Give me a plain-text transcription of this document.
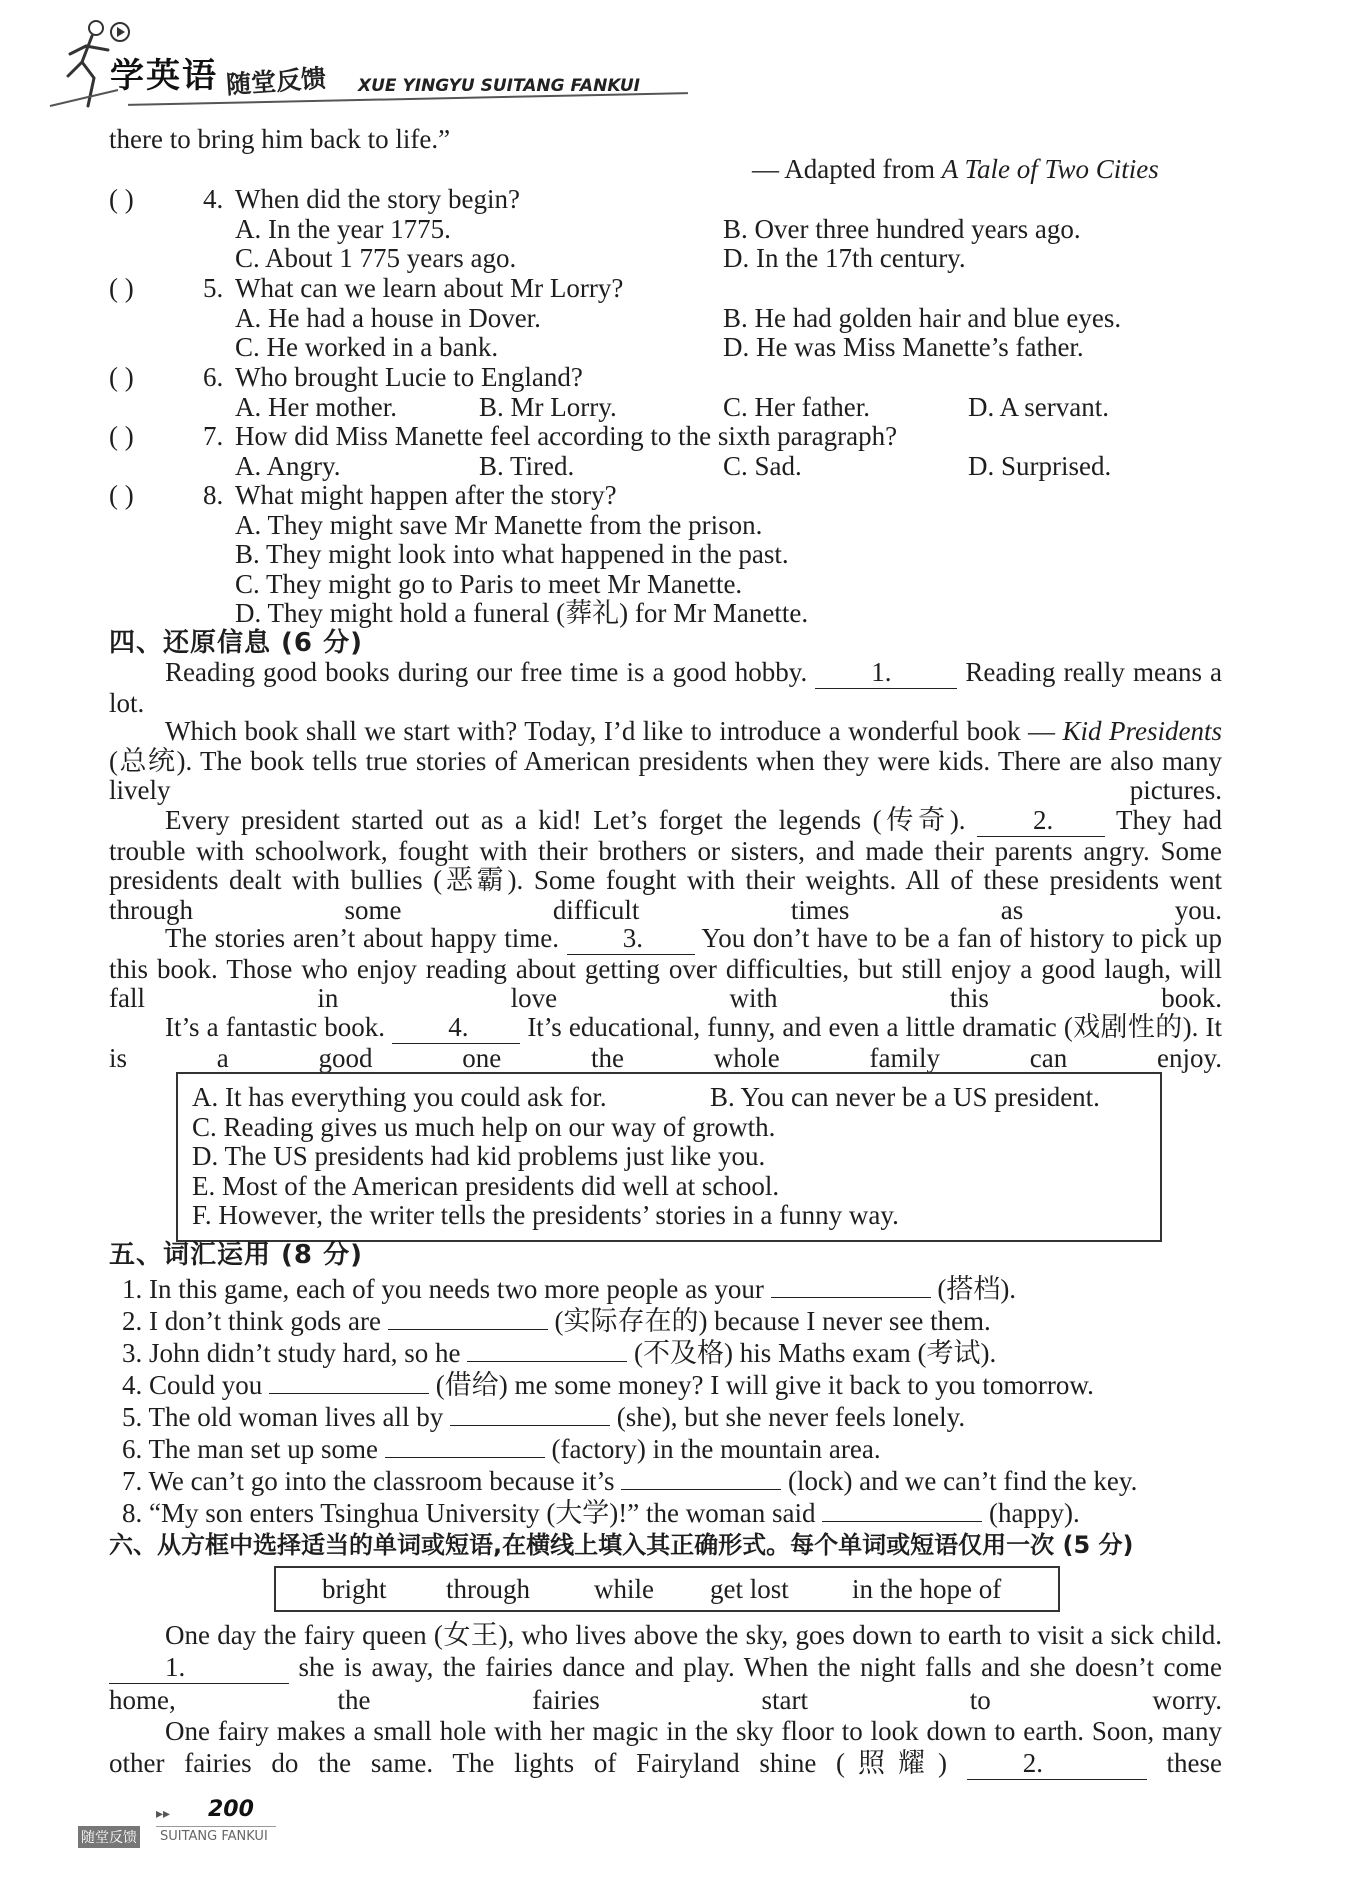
学英语 随堂反馈 XUE YINGYU SUITANG FANKUI
there to bring him back to life.”
— Adapted from A Tale of Two Cities
( )	4. When did the story begin?
A. In the year 1775.	B. Over three hundred years ago.
C. About 1 775 years ago.	D. In the 17th century.
( )	5. What can we learn about Mr Lorry?
A. He had a house in Dover.	B. He had golden hair and blue eyes.
C. He worked in a bank.	D. He was Miss Manette’s father.
( )	6. Who brought Lucie to England?
A. Her mother.	B. Mr Lorry.	C. Her father.	D. A servant.
( )	7. How did Miss Manette feel according to the sixth paragraph?
A. Angry.	B. Tired.	C. Sad.	D. Surprised.
( )	8. What might happen after the story?
A. They might save Mr Manette from the prison.
B. They might look into what happened in the past.
C. They might go to Paris to meet Mr Manette.
D. They might hold a funeral (葬礼) for Mr Manette.
四、还原信息 (6 分)
Reading good books during our free time is a good hobby. 1.	Reading really means a lot.
Which book shall we start with? Today, I’d like to introduce a wonderful book — Kid Presidents (总统). The book tells true stories of American presidents when they were kids. There are also many lively pictures.
Every president started out as a kid! Let’s forget the legends (传奇). 2. They had trouble with schoolwork, fought with their brothers or sisters, and made their parents angry. Some presidents dealt with bullies (恶霸). Some fought with their weights. All of these presidents went through some difficult times as you.
The stories aren’t about happy time. 3. You don’t have to be a fan of history to pick up this book. Those who enjoy reading about getting over difficulties, but still enjoy a good laugh, will fall in love with this book.
It’s a fantastic book. 4. It’s educational, funny, and even a little dramatic (戏剧性的). It is a good one the whole family can enjoy.
A. It has everything you could ask for.	B. You can never be a US president.
C. Reading gives us much help on our way of growth.
D. The US presidents had kid problems just like you.
E. Most of the American presidents did well at school.
F. However, the writer tells the presidents’ stories in a funny way.
五、词汇运用 (8 分)
1. In this game, each of you needs two more people as your	(搭档).
2. I don’t think gods are	(实际存在的) because I never see them.
3. John didn’t study hard, so he	(不及格) his Maths exam (考试).
4. Could you	(借给) me some money? I will give it back to you tomorrow.
5. The old woman lives all by	(she), but she never feels lonely.
6. The man set up some	(factory) in the mountain area.
7. We can’t go into the classroom because it’s	(lock) and we can’t find the key.
8. “My son enters Tsinghua University (大学)!” the woman said	(happy).
六、从方框中选择适当的单词或短语,在横线上填入其正确形式。每个单词或短语仅用一次 (5 分)
bright through while get lost in the hope of
One day the fairy queen (女王), who lives above the sky, goes down to earth to visit a sick child. 1.	she is away, the fairies dance and play. When the night falls and she doesn’t come home, the fairies start to worry.
One fairy makes a small hole with her magic in the sky floor to look down to earth. Soon, many other fairies do the same. The lights of Fairyland shine (照耀)	2.	these
▸▸ 200
随堂反馈 SUITANG FANKUI
